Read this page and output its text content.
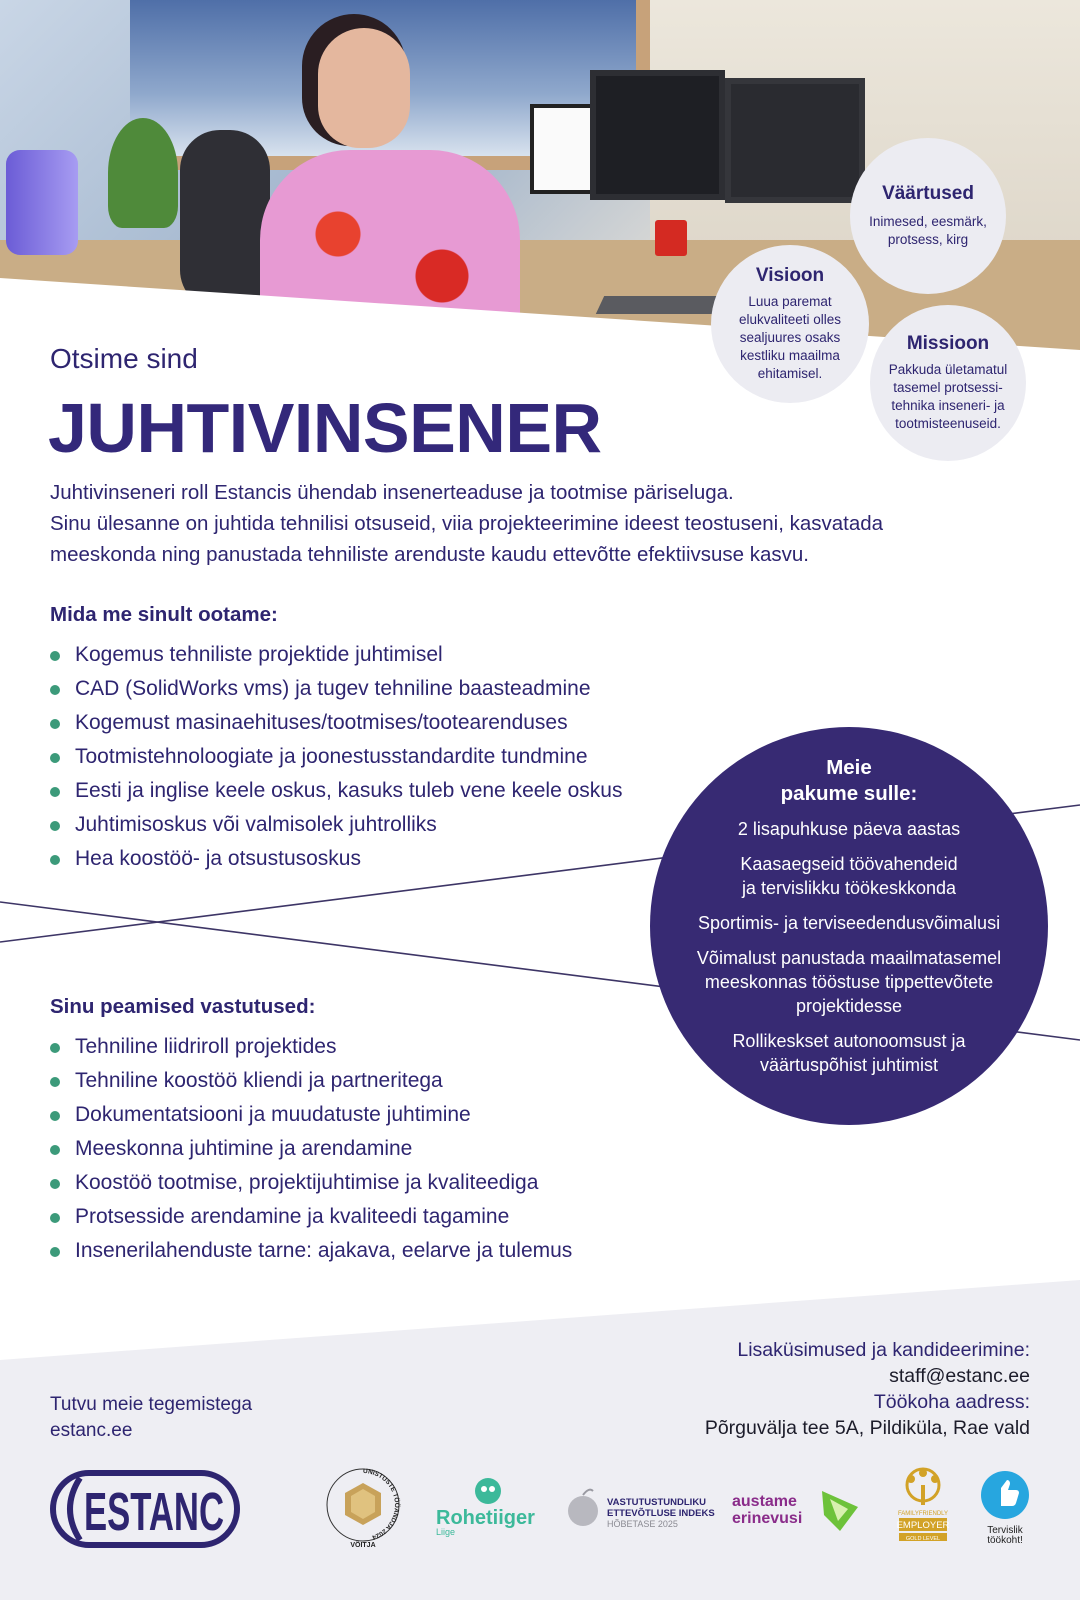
Väärtused
Inimesed, eesmärk, protsess, kirg
Visioon
Luua paremat
elukvaliteeti olles
sealjuures osaks
kestliku maailma
ehitamisel.
Missioon
Pakkuda ületamatul
tasemel protsessi-
tehnika inseneri- ja
tootmisteenuseid.
Otsime sind
JUHTIVINSENER

Juhtivinseneri roll Estancis ühendab insenerteaduse ja tootmise päriseluga.

Sinu ülesanne on juhtida tehnilisi otsuseid, viia projekteerimine ideest teostuseni, kasvatada

meeskonda ning panustada tehniliste arenduste kaudu ettevõtte efektiivsuse kasvu.

Mida me sinult ootame:
Kogemus tehniliste projektide juhtimisel
CAD (SolidWorks vms) ja tugev tehniline baasteadmine
Kogemust masinaehituses/tootmises/tootearenduses
Tootmistehnoloogiate ja joonestusstandardite tundmine
Eesti ja inglise keele oskus, kasuks tuleb vene keele oskus
Juhtimisoskus või valmisolek juhtrolliks
Hea koostöö- ja otsustusoskus
Sinu peamised vastutused:
Tehniline liidriroll projektides
Tehniline koostöö kliendi ja partneritega
Dokumentatsiooni ja muudatuste juhtimine
Meeskonna juhtimine ja arendamine
Koostöö tootmise, projektijuhtimise ja kvaliteediga
Protsesside arendamine ja kvaliteedi tagamine
Insenerilahenduste tarne: ajakava, eelarve ja tulemus
Meie
pakume sulle:
2 lisapuhkuse päeva aastas
Kaasaegseid töövahendeid
ja tervislikku töökeskkonda
Sportimis- ja terviseedendusvõimalusi
Võimalust panustada maailmatasemel
meeskonnas tööstuse tippettevõtete
projektidesse
Rollikeskset autonoomsust ja
väärtuspõhist juhtimist
Tutvu meie tegemistega
estanc.ee
Lisaküsimused ja kandideerimine:
staff@estanc.ee
Töökoha aadress:
Põrguvälja tee 5A, Pildiküla, Rae vald
ESTANC
UNISTUSTE TÖÖANDJA 2024
VÕITJA
Rohetiiger
Liige
VASTUTUSTUNDLIKU
ETTEVÕTLUSE INDEKS
HÕBETASE 2025
austame
erinevusi	FAMILYFRIENDLY
EMPLOYER
GOLD LEVEL
Tervislik
töökoht!
